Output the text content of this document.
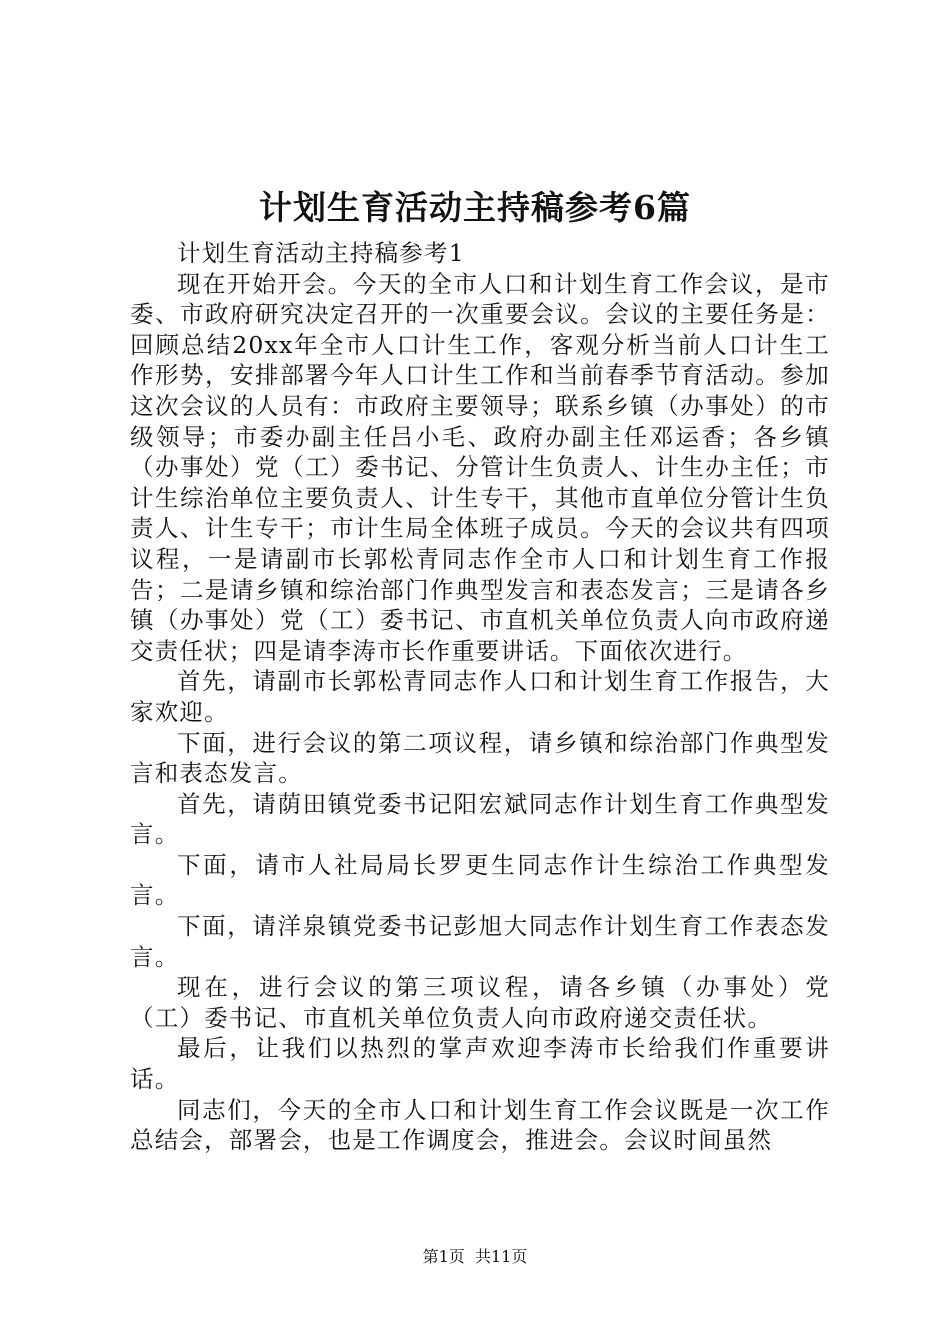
计划生育活动主持稿参考6篇

计划生育活动主持稿参考1

现在开始开会。今天的全市人口和计划生育工作会议，是市委、市政府研究决定召开的一次重要会议。会议的主要任务是：回顾总结20xx年全市人口计生工作，客观分析当前人口计生工作形势，安排部署今年人口计生工作和当前春季节育活动。参加这次会议的人员有：市政府主要领导；联系乡镇（办事处）的市级领导；市委办副主任吕小毛、政府办副主任邓运香；各乡镇（办事处）党（工）委书记、分管计生负责人、计生办主任；市计生综治单位主要负责人、计生专干，其他市直单位分管计生负责人、计生专干；市计生局全体班子成员。今天的会议共有四项议程，一是请副市长郭松青同志作全市人口和计划生育工作报告；二是请乡镇和综治部门作典型发言和表态发言；三是请各乡镇（办事处）党（工）委书记、市直机关单位负责人向市政府递交责任状；四是请李涛市长作重要讲话。下面依次进行。

首先，请副市长郭松青同志作人口和计划生育工作报告，大家欢迎。

下面，进行会议的第二项议程，请乡镇和综治部门作典型发言和表态发言。

首先，请荫田镇党委书记阳宏斌同志作计划生育工作典型发言。

下面，请市人社局局长罗更生同志作计生综治工作典型发言。

下面，请洋泉镇党委书记彭旭大同志作计划生育工作表态发言。

现在，进行会议的第三项议程，请各乡镇（办事处）党（工）委书记、市直机关单位负责人向市政府递交责任状。

最后，让我们以热烈的掌声欢迎李涛市长给我们作重要讲话。

同志们，今天的全市人口和计划生育工作会议既是一次工作总结会，部署会，也是工作调度会，推进会。会议时间虽然

第1页 共11页
